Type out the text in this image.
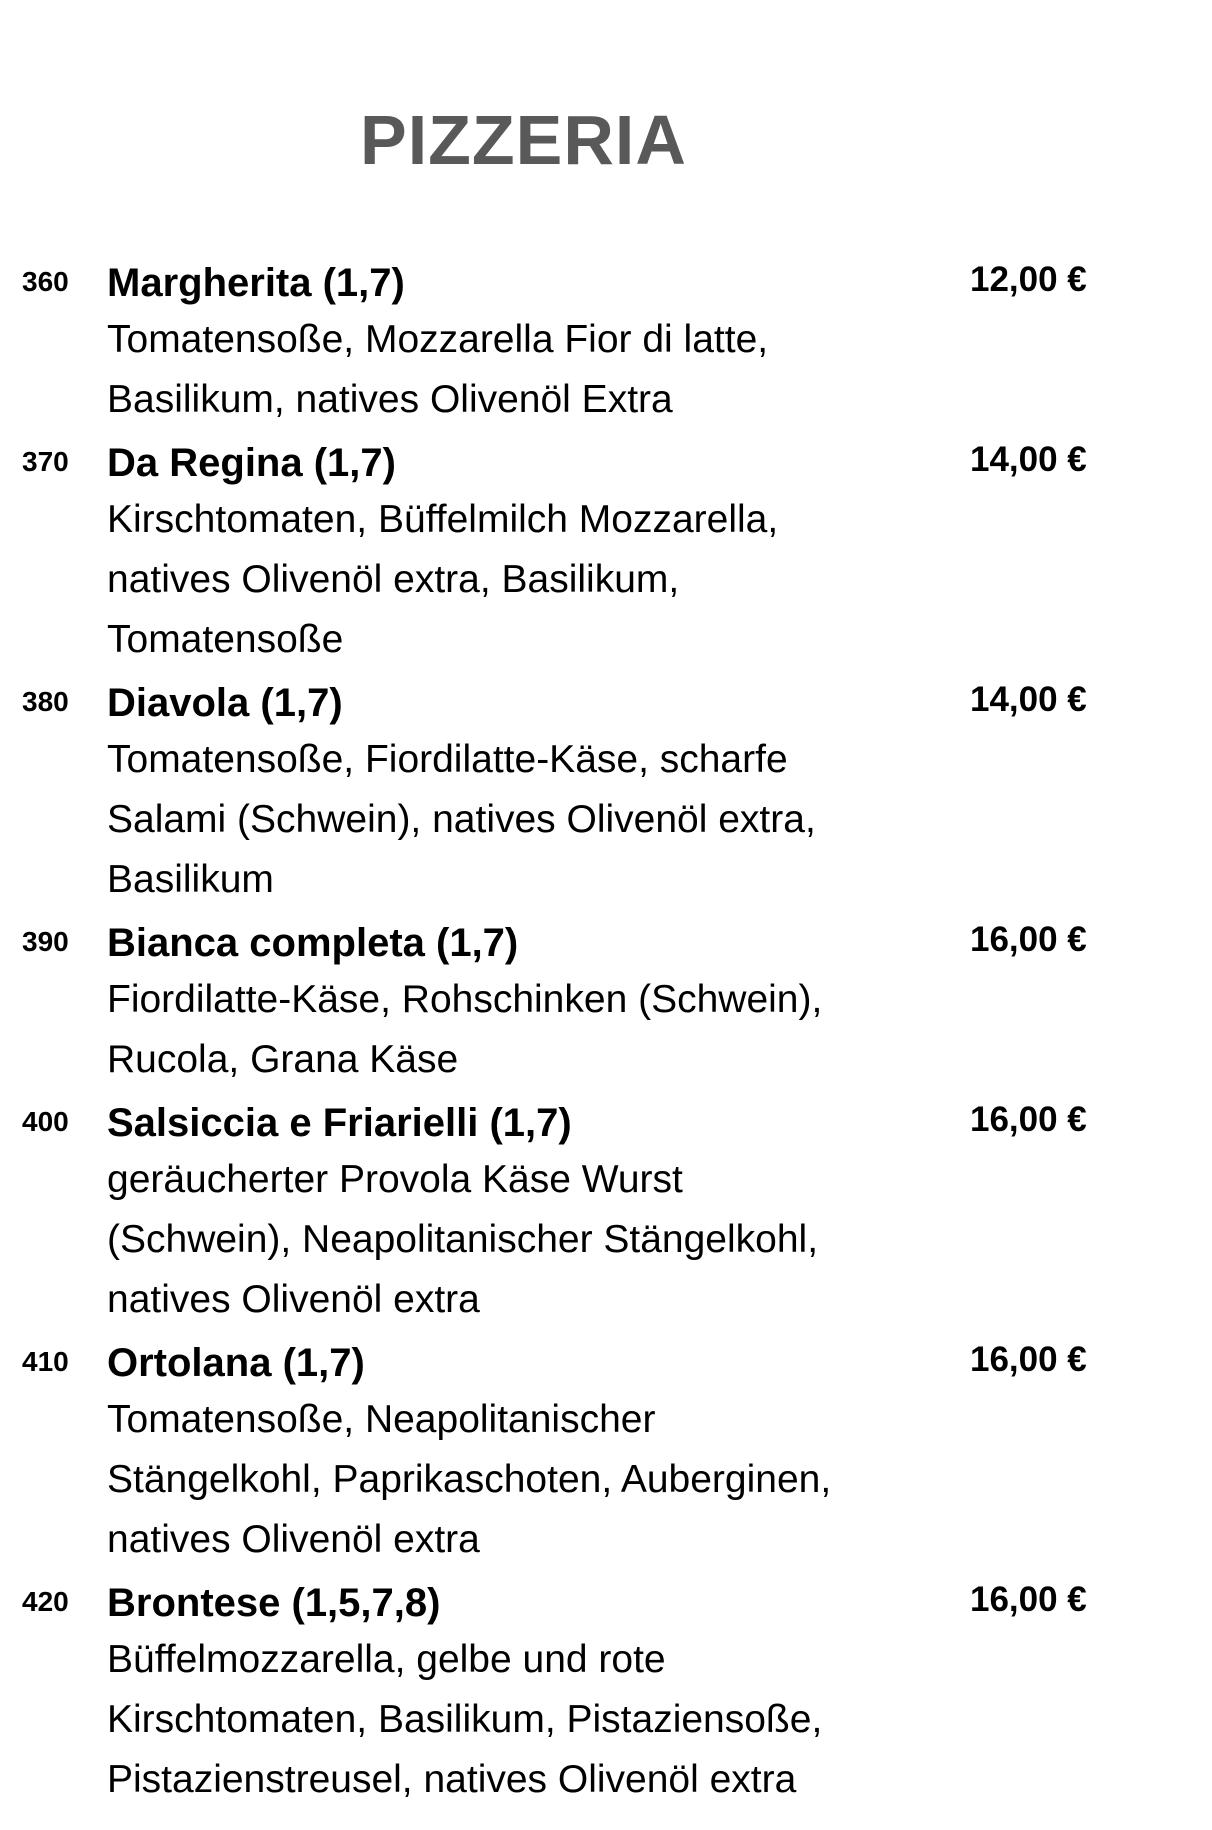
PIZZERIA
360 Margherita (1,7)	12,00 €
Tomatensoße, Mozzarella Fior di latte,
Basilikum, natives Olivenöl Extra
370 Da Regina (1,7)	14,00 €
Kirschtomaten, Büffelmilch Mozzarella,
natives Olivenöl extra, Basilikum,
Tomatensoße
380 Diavola (1,7)	14,00 €
Tomatensoße, Fiordilatte-Käse, scharfe
Salami (Schwein), natives Olivenöl extra,
Basilikum
390 Bianca completa (1,7)	16,00 €
Fiordilatte-Käse, Rohschinken (Schwein),
Rucola, Grana Käse
400 Salsiccia e Friarielli (1,7)	16,00 €
geräucherter Provola Käse Wurst
(Schwein), Neapolitanischer Stängelkohl,
natives Olivenöl extra
410 Ortolana (1,7)	16,00 €
Tomatensoße, Neapolitanischer
Stängelkohl, Paprikaschoten, Auberginen,
natives Olivenöl extra
420 Brontese (1,5,7,8)	16,00 €
Büffelmozzarella, gelbe und rote
Kirschtomaten, Basilikum, Pistaziensoße,
Pistazienstreusel, natives Olivenöl extra
